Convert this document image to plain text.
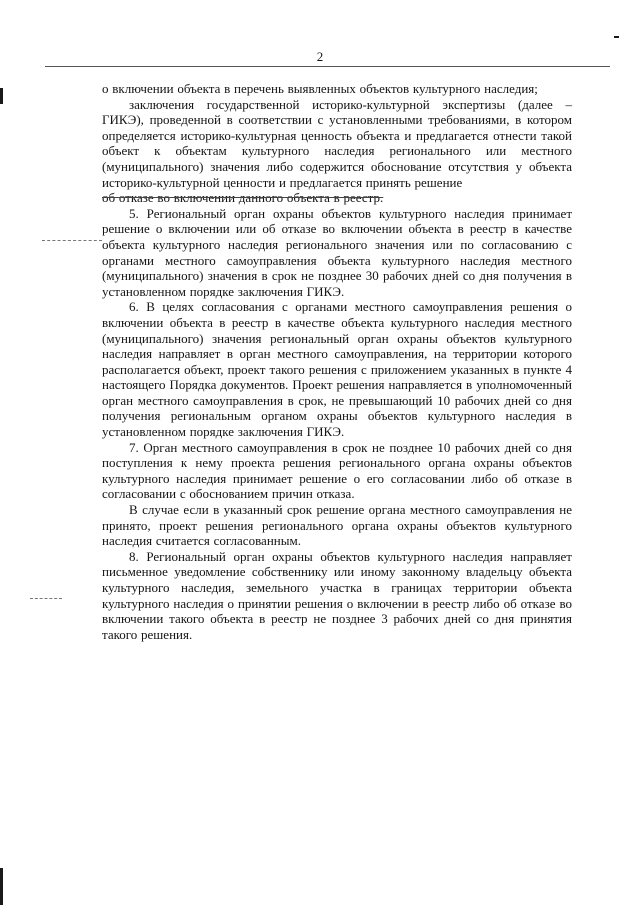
2

о включении объекта в перечень выявленных объектов культурного наследия;

заключения государственной историко-культурной экспертизы (далее – ГИКЭ), проведенной в соответствии с установленными требованиями, в котором определяется историко-культурная ценность объекта и предлагается отнести такой объект к объектам культурного наследия регионального или местного (муниципального) значения либо содержится обоснование отсутствия у объекта историко-культурной ценности и предлагается принять решение

об отказе во включении данного объекта в реестр.

5. Региональный орган охраны объектов культурного наследия принимает решение о включении или об отказе во включении объекта в реестр в качестве объекта культурного наследия регионального значения или по согласованию с органами местного самоуправления объекта культурного наследия местного (муниципального) значения в срок не позднее 30 рабочих дней со дня получения в установленном порядке заключения ГИКЭ.

6. В целях согласования с органами местного самоуправления решения о включении объекта в реестр в качестве объекта культурного наследия местного (муниципального) значения региональный орган охраны объектов культурного наследия направляет в орган местного самоуправления, на территории которого располагается объект, проект такого решения с приложением указанных в пункте 4 настоящего Порядка документов. Проект решения направляется в уполномоченный орган местного самоуправления в срок, не превышающий 10 рабочих дней со дня получения региональным органом охраны объектов культурного наследия в установленном порядке заключения ГИКЭ.

7. Орган местного самоуправления в срок не позднее 10 рабочих дней со дня поступления к нему проекта решения регионального органа охраны объектов культурного наследия принимает решение о его согласовании либо об отказе в согласовании с обоснованием причин отказа.

В случае если в указанный срок решение органа местного самоуправления не принято, проект решения регионального органа охраны объектов культурного наследия считается согласованным.

8. Региональный орган охраны объектов культурного наследия направляет письменное уведомление собственнику или иному законному владельцу объекта культурного наследия, земельного участка в границах территории объекта культурного наследия о принятии решения о включении в реестр либо об отказе во включении такого объекта в реестр не позднее 3 рабочих дней со дня принятия такого решения.
